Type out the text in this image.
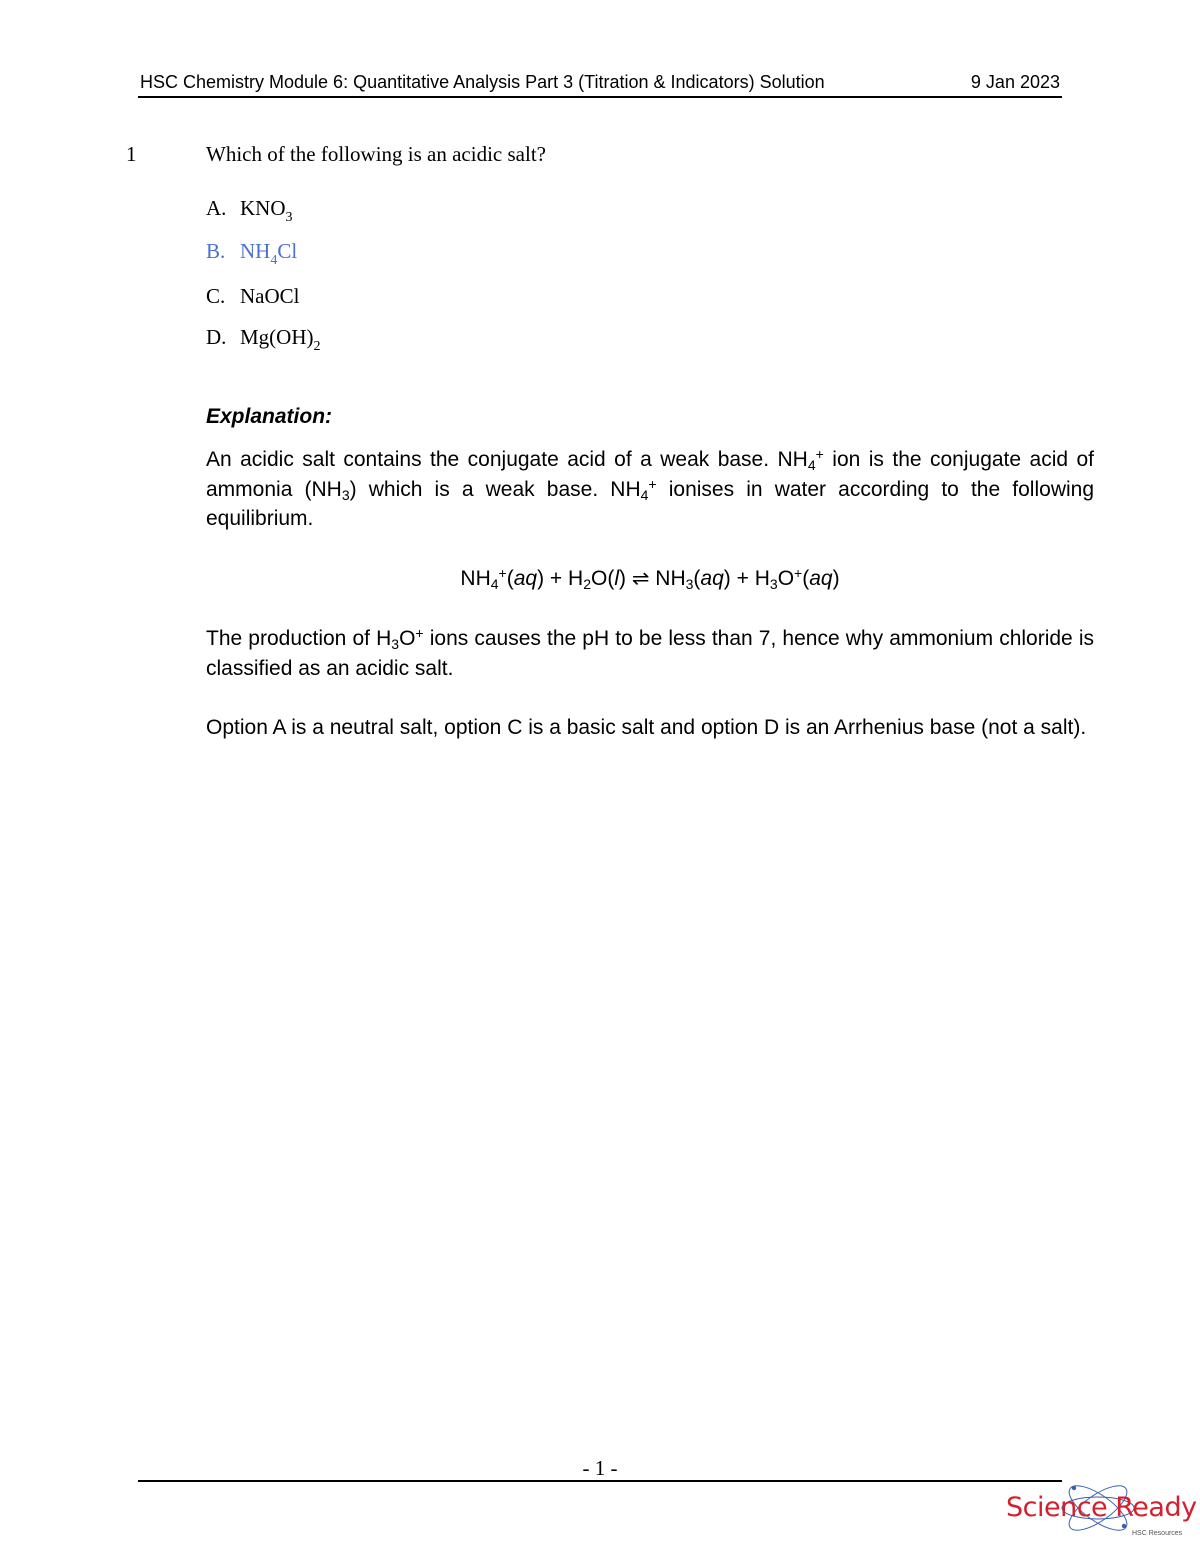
HSC Chemistry Module 6: Quantitative Analysis Part 3 (Titration & Indicators) Solution	9 Jan 2023
1	Which of the following is an acidic salt?
A. $KNO_3$
B. $NH_4Cl$
C. NaOCl
D. $Mg(OH)_2$
Explanation:

An acidic salt contains the conjugate acid of a weak base. NH4+ ion is the conjugate acid of ammonia (NH3) which is a weak base. NH4+ ionises in water according to the following equilibrium.

NH4+(aq) + H2O(l) ⇌ NH3(aq) + H3O+(aq)

The production of H3O+ ions causes the pH to be less than 7, hence why ammonium chloride is classified as an acidic salt.

Option A is a neutral salt, option C is a basic salt and option D is an Arrhenius base (not a salt).

- 1 -
Science Ready
HSC Resources
